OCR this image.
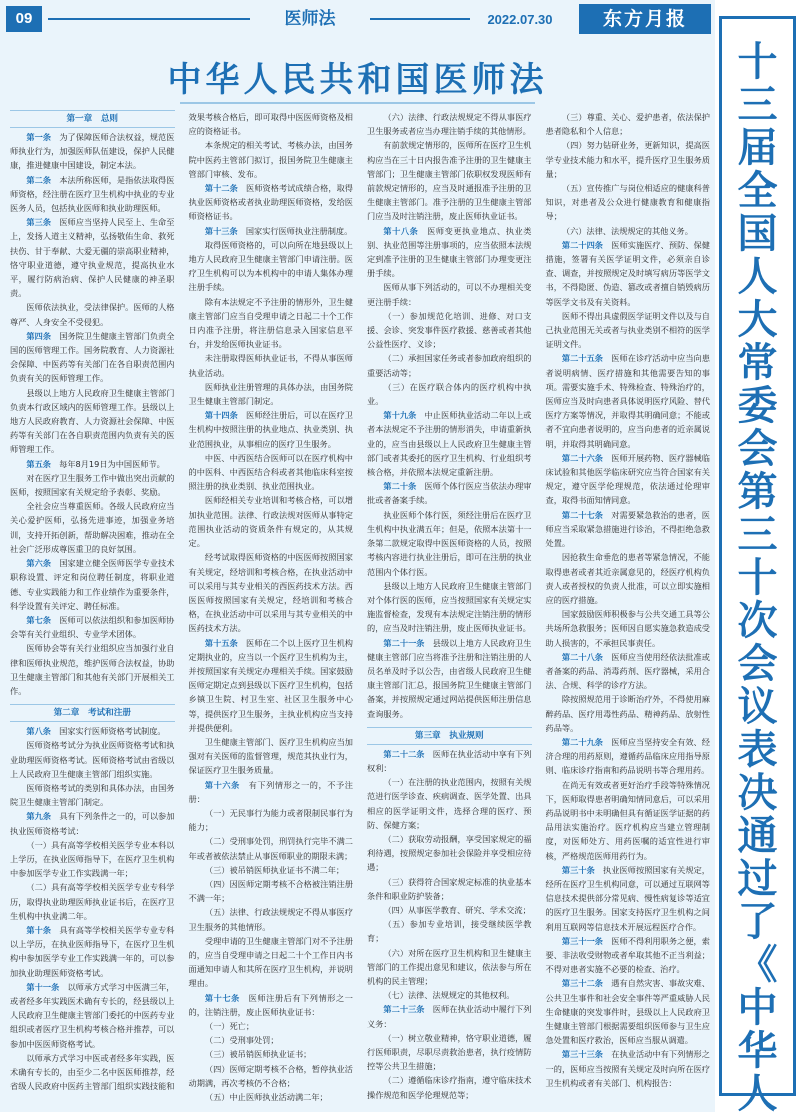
09	医师法	2022.07.30	东方月报
中华人民共和国医师法
第一章　总则

第一条　为了保障医师合法权益，规范医师执业行为，加强医师队伍建设，保护人民健康，推进健康中国建设，制定本法。

第二条　本法所称医师，是指依法取得医师资格，经注册在医疗卫生机构中执业的专业医务人员，包括执业医师和执业助理医师。

第三条　医师应当坚持人民至上、生命至上，发扬人道主义精神，弘扬敬佑生命、救死扶伤、甘于奉献、大爱无疆的崇高职业精神，恪守职业道德，遵守执业规范，提高执业水平，履行防病治病、保护人民健康的神圣职责。

医师依法执业，受法律保护。医师的人格尊严、人身安全不受侵犯。

第四条　国务院卫生健康主管部门负责全国的医师管理工作。国务院教育、人力资源社会保障、中医药等有关部门在各自职责范围内负责有关的医师管理工作。

县级以上地方人民政府卫生健康主管部门负责本行政区域内的医师管理工作。县级以上地方人民政府教育、人力资源社会保障、中医药等有关部门在各自职责范围内负责有关的医师管理工作。

第五条　每年8月19日为中国医师节。

对在医疗卫生服务工作中做出突出贡献的医师，按照国家有关规定给予表彰、奖励。

全社会应当尊重医师。各级人民政府应当关心爱护医师，弘扬先进事迹，加强业务培训，支持开拓创新，帮助解决困难，推动在全社会广泛形成尊医重卫的良好氛围。

第六条　国家建立健全医师医学专业技术职称设置、评定和岗位聘任制度，将职业道德、专业实践能力和工作业绩作为重要条件，科学设置有关评定、聘任标准。

第七条　医师可以依法组织和参加医师协会等有关行业组织、专业学术团体。

医师协会等有关行业组织应当加强行业自律和医师执业规范，维护医师合法权益，协助卫生健康主管部门和其他有关部门开展相关工作。

第二章　考试和注册

第八条　国家实行医师资格考试制度。

医师资格考试分为执业医师资格考试和执业助理医师资格考试。医师资格考试由省级以上人民政府卫生健康主管部门组织实施。

医师资格考试的类别和具体办法，由国务院卫生健康主管部门制定。

第九条　具有下列条件之一的，可以参加执业医师资格考试：

（一）具有高等学校相关医学专业本科以上学历，在执业医师指导下，在医疗卫生机构中参加医学专业工作实践满一年；

（二）具有高等学校相关医学专业专科学历，取得执业助理医师执业证书后，在医疗卫生机构中执业满二年。

第十条　具有高等学校相关医学专业专科以上学历，在执业医师指导下，在医疗卫生机构中参加医学专业工作实践满一年的，可以参加执业助理医师资格考试。

第十一条　以师承方式学习中医满三年，或者经多年实践医术确有专长的，经县级以上人民政府卫生健康主管部门委托的中医药专业组织或者医疗卫生机构考核合格并推荐，可以参加中医医师资格考试。

以师承方式学习中医或者经多年实践，医术确有专长的，由至少二名中医医师推荐，经省级人民政府中医药主管部门组织实践技能和效果考核合格后，即可取得中医医师资格及相应的资格证书。

本条规定的相关考试、考核办法，由国务院中医药主管部门拟订，报国务院卫生健康主管部门审核、发布。

第十二条　医师资格考试成绩合格，取得执业医师资格或者执业助理医师资格，发给医师资格证书。

第十三条　国家实行医师执业注册制度。

取得医师资格的，可以向所在地县级以上地方人民政府卫生健康主管部门申请注册。医疗卫生机构可以为本机构中的申请人集体办理注册手续。

除有本法规定不予注册的情形外，卫生健康主管部门应当自受理申请之日起二十个工作日内准予注册，将注册信息录入国家信息平台，并发给医师执业证书。

未注册取得医师执业证书，不得从事医师执业活动。

医师执业注册管理的具体办法，由国务院卫生健康主管部门制定。

第十四条　医师经注册后，可以在医疗卫生机构中按照注册的执业地点、执业类别、执业范围执业，从事相应的医疗卫生服务。

中医、中西医结合医师可以在医疗机构中的中医科、中西医结合科或者其他临床科室按照注册的执业类别、执业范围执业。

医师经相关专业培训和考核合格，可以增加执业范围。法律、行政法规对医师从事特定范围执业活动的资质条件有规定的，从其规定。

经考试取得医师资格的中医医师按照国家有关规定，经培训和考核合格，在执业活动中可以采用与其专业相关的西医药技术方法。西医医师按照国家有关规定，经培训和考核合格，在执业活动中可以采用与其专业相关的中医药技术方法。

第十五条　医师在二个以上医疗卫生机构定期执业的，应当以一个医疗卫生机构为主，并按照国家有关规定办理相关手续。国家鼓励医师定期定点到县级以下医疗卫生机构，包括乡镇卫生院、村卫生室、社区卫生服务中心等，提供医疗卫生服务，主执业机构应当支持并提供便利。

卫生健康主管部门、医疗卫生机构应当加强对有关医师的监督管理，规范其执业行为，保证医疗卫生服务质量。

第十六条　有下列情形之一的，不予注册：

（一）无民事行为能力或者限制民事行为能力；

（二）受刑事处罚，刑罚执行完毕不满二年或者被依法禁止从事医师职业的期限未满；

（三）被吊销医师执业证书不满二年；

（四）因医师定期考核不合格被注销注册不满一年；

（五）法律、行政法规规定不得从事医疗卫生服务的其他情形。

受理申请的卫生健康主管部门对不予注册的，应当自受理申请之日起二十个工作日内书面通知申请人和其所在医疗卫生机构，并说明理由。

第十七条　医师注册后有下列情形之一的，注销注册，废止医师执业证书：

（一）死亡；

（二）受刑事处罚；

（三）被吊销医师执业证书；

（四）医师定期考核不合格，暂停执业活动期满，再次考核仍不合格；

（五）中止医师执业活动满二年；

（六）法律、行政法规规定不得从事医疗卫生服务或者应当办理注销手续的其他情形。

有前款规定情形的，医师所在医疗卫生机构应当在三十日内报告准予注册的卫生健康主管部门；卫生健康主管部门依职权发现医师有前款规定情形的，应当及时通报准予注册的卫生健康主管部门。准予注册的卫生健康主管部门应当及时注销注册，废止医师执业证书。

第十八条　医师变更执业地点、执业类别、执业范围等注册事项的，应当依照本法规定到准予注册的卫生健康主管部门办理变更注册手续。

医师从事下列活动的，可以不办理相关变更注册手续：

（一）参加规范化培训、进修、对口支援、会诊、突发事件医疗救援、慈善或者其他公益性医疗、义诊；

（二）承担国家任务或者参加政府组织的重要活动等；

（三）在医疗联合体内的医疗机构中执业。

第十九条　中止医师执业活动二年以上或者本法规定不予注册的情形消失，申请重新执业的，应当由县级以上人民政府卫生健康主管部门或者其委托的医疗卫生机构、行业组织考核合格，并依照本法规定重新注册。

第二十条　医师个体行医应当依法办理审批或者备案手续。

执业医师个体行医，须经注册后在医疗卫生机构中执业满五年；但是，依照本法第十一条第二款规定取得中医医师资格的人员，按照考核内容进行执业注册后，即可在注册的执业范围内个体行医。

县级以上地方人民政府卫生健康主管部门对个体行医的医师，应当按照国家有关规定实施监督检查，发现有本法规定注销注册的情形的，应当及时注销注册，废止医师执业证书。

第二十一条　县级以上地方人民政府卫生健康主管部门应当将准予注册和注销注册的人员名单及时予以公告，由省级人民政府卫生健康主管部门汇总，报国务院卫生健康主管部门备案，并按照规定通过网站提供医师注册信息查询服务。

第三章　执业规则

第二十二条　医师在执业活动中享有下列权利：

（一）在注册的执业范围内，按照有关规范进行医学诊查、疾病调查、医学处置、出具相应的医学证明文件，选择合理的医疗、预防、保健方案；

（二）获取劳动报酬，享受国家规定的福利待遇，按照规定参加社会保险并享受相应待遇；

（三）获得符合国家规定标准的执业基本条件和职业防护装备；

（四）从事医学教育、研究、学术交流；

（五）参加专业培训，接受继续医学教育；

（六）对所在医疗卫生机构和卫生健康主管部门的工作提出意见和建议，依法参与所在机构的民主管理；

（七）法律、法规规定的其他权利。

第二十三条　医师在执业活动中履行下列义务：

（一）树立敬业精神，恪守职业道德，履行医师职责，尽职尽责救治患者，执行疫情防控等公共卫生措施；

（二）遵循临床诊疗指南，遵守临床技术操作规范和医学伦理规范等；

（三）尊重、关心、爱护患者，依法保护患者隐私和个人信息；

（四）努力钻研业务，更新知识，提高医学专业技术能力和水平，提升医疗卫生服务质量；

（五）宣传推广与岗位相适应的健康科普知识，对患者及公众进行健康教育和健康指导；

（六）法律、法规规定的其他义务。

第二十四条　医师实施医疗、预防、保健措施，签署有关医学证明文件，必须亲自诊查、调查，并按照规定及时填写病历等医学文书，不得隐匿、伪造、篡改或者擅自销毁病历等医学文书及有关资料。

医师不得出具虚假医学证明文件以及与自己执业范围无关或者与执业类别不相符的医学证明文件。

第二十五条　医师在诊疗活动中应当向患者说明病情、医疗措施和其他需要告知的事项。需要实施手术、特殊检查、特殊治疗的，医师应当及时向患者具体说明医疗风险、替代医疗方案等情况，并取得其明确同意；不能或者不宜向患者说明的，应当向患者的近亲属说明，并取得其明确同意。

第二十六条　医师开展药物、医疗器械临床试验和其他医学临床研究应当符合国家有关规定，遵守医学伦理规范，依法通过伦理审查，取得书面知情同意。

第二十七条　对需要紧急救治的患者，医师应当采取紧急措施进行诊治，不得拒绝急救处置。

因抢救生命垂危的患者等紧急情况，不能取得患者或者其近亲属意见的，经医疗机构负责人或者授权的负责人批准，可以立即实施相应的医疗措施。

国家鼓励医师积极参与公共交通工具等公共场所急救服务；医师因自愿实施急救造成受助人损害的，不承担民事责任。

第二十八条　医师应当使用经依法批准或者备案的药品、消毒药剂、医疗器械，采用合法、合规、科学的诊疗方法。

除按照规范用于诊断治疗外，不得使用麻醉药品、医疗用毒性药品、精神药品、放射性药品等。

第二十九条　医师应当坚持安全有效、经济合理的用药原则，遵循药品临床应用指导原则、临床诊疗指南和药品说明书等合理用药。

在尚无有效或者更好治疗手段等特殊情况下，医师取得患者明确知情同意后，可以采用药品说明书中未明确但具有循证医学证据的药品用法实施治疗。医疗机构应当建立管理制度，对医师处方、用药医嘱的适宜性进行审核，严格规范医师用药行为。

第三十条　执业医师按照国家有关规定，经所在医疗卫生机构同意，可以通过互联网等信息技术提供部分常见病、慢性病复诊等适宜的医疗卫生服务。国家支持医疗卫生机构之间利用互联网等信息技术开展远程医疗合作。

第三十一条　医师不得利用职务之便，索要、非法收受财物或者牟取其他不正当利益；不得对患者实施不必要的检查、治疗。

第三十二条　遇有自然灾害、事故灾难、公共卫生事件和社会安全事件等严重威胁人民生命健康的突发事件时，县级以上人民政府卫生健康主管部门根据需要组织医师参与卫生应急处置和医疗救治，医师应当服从调遣。

第三十三条　在执业活动中有下列情形之一的，医师应当按照有关规定及时向所在医疗卫生机构或者有关部门、机构报告：

十
三
届
全
国
人
大
常
委
会
第
三
十
次
会
议
表
决
通
过
了
《
中
华
人
